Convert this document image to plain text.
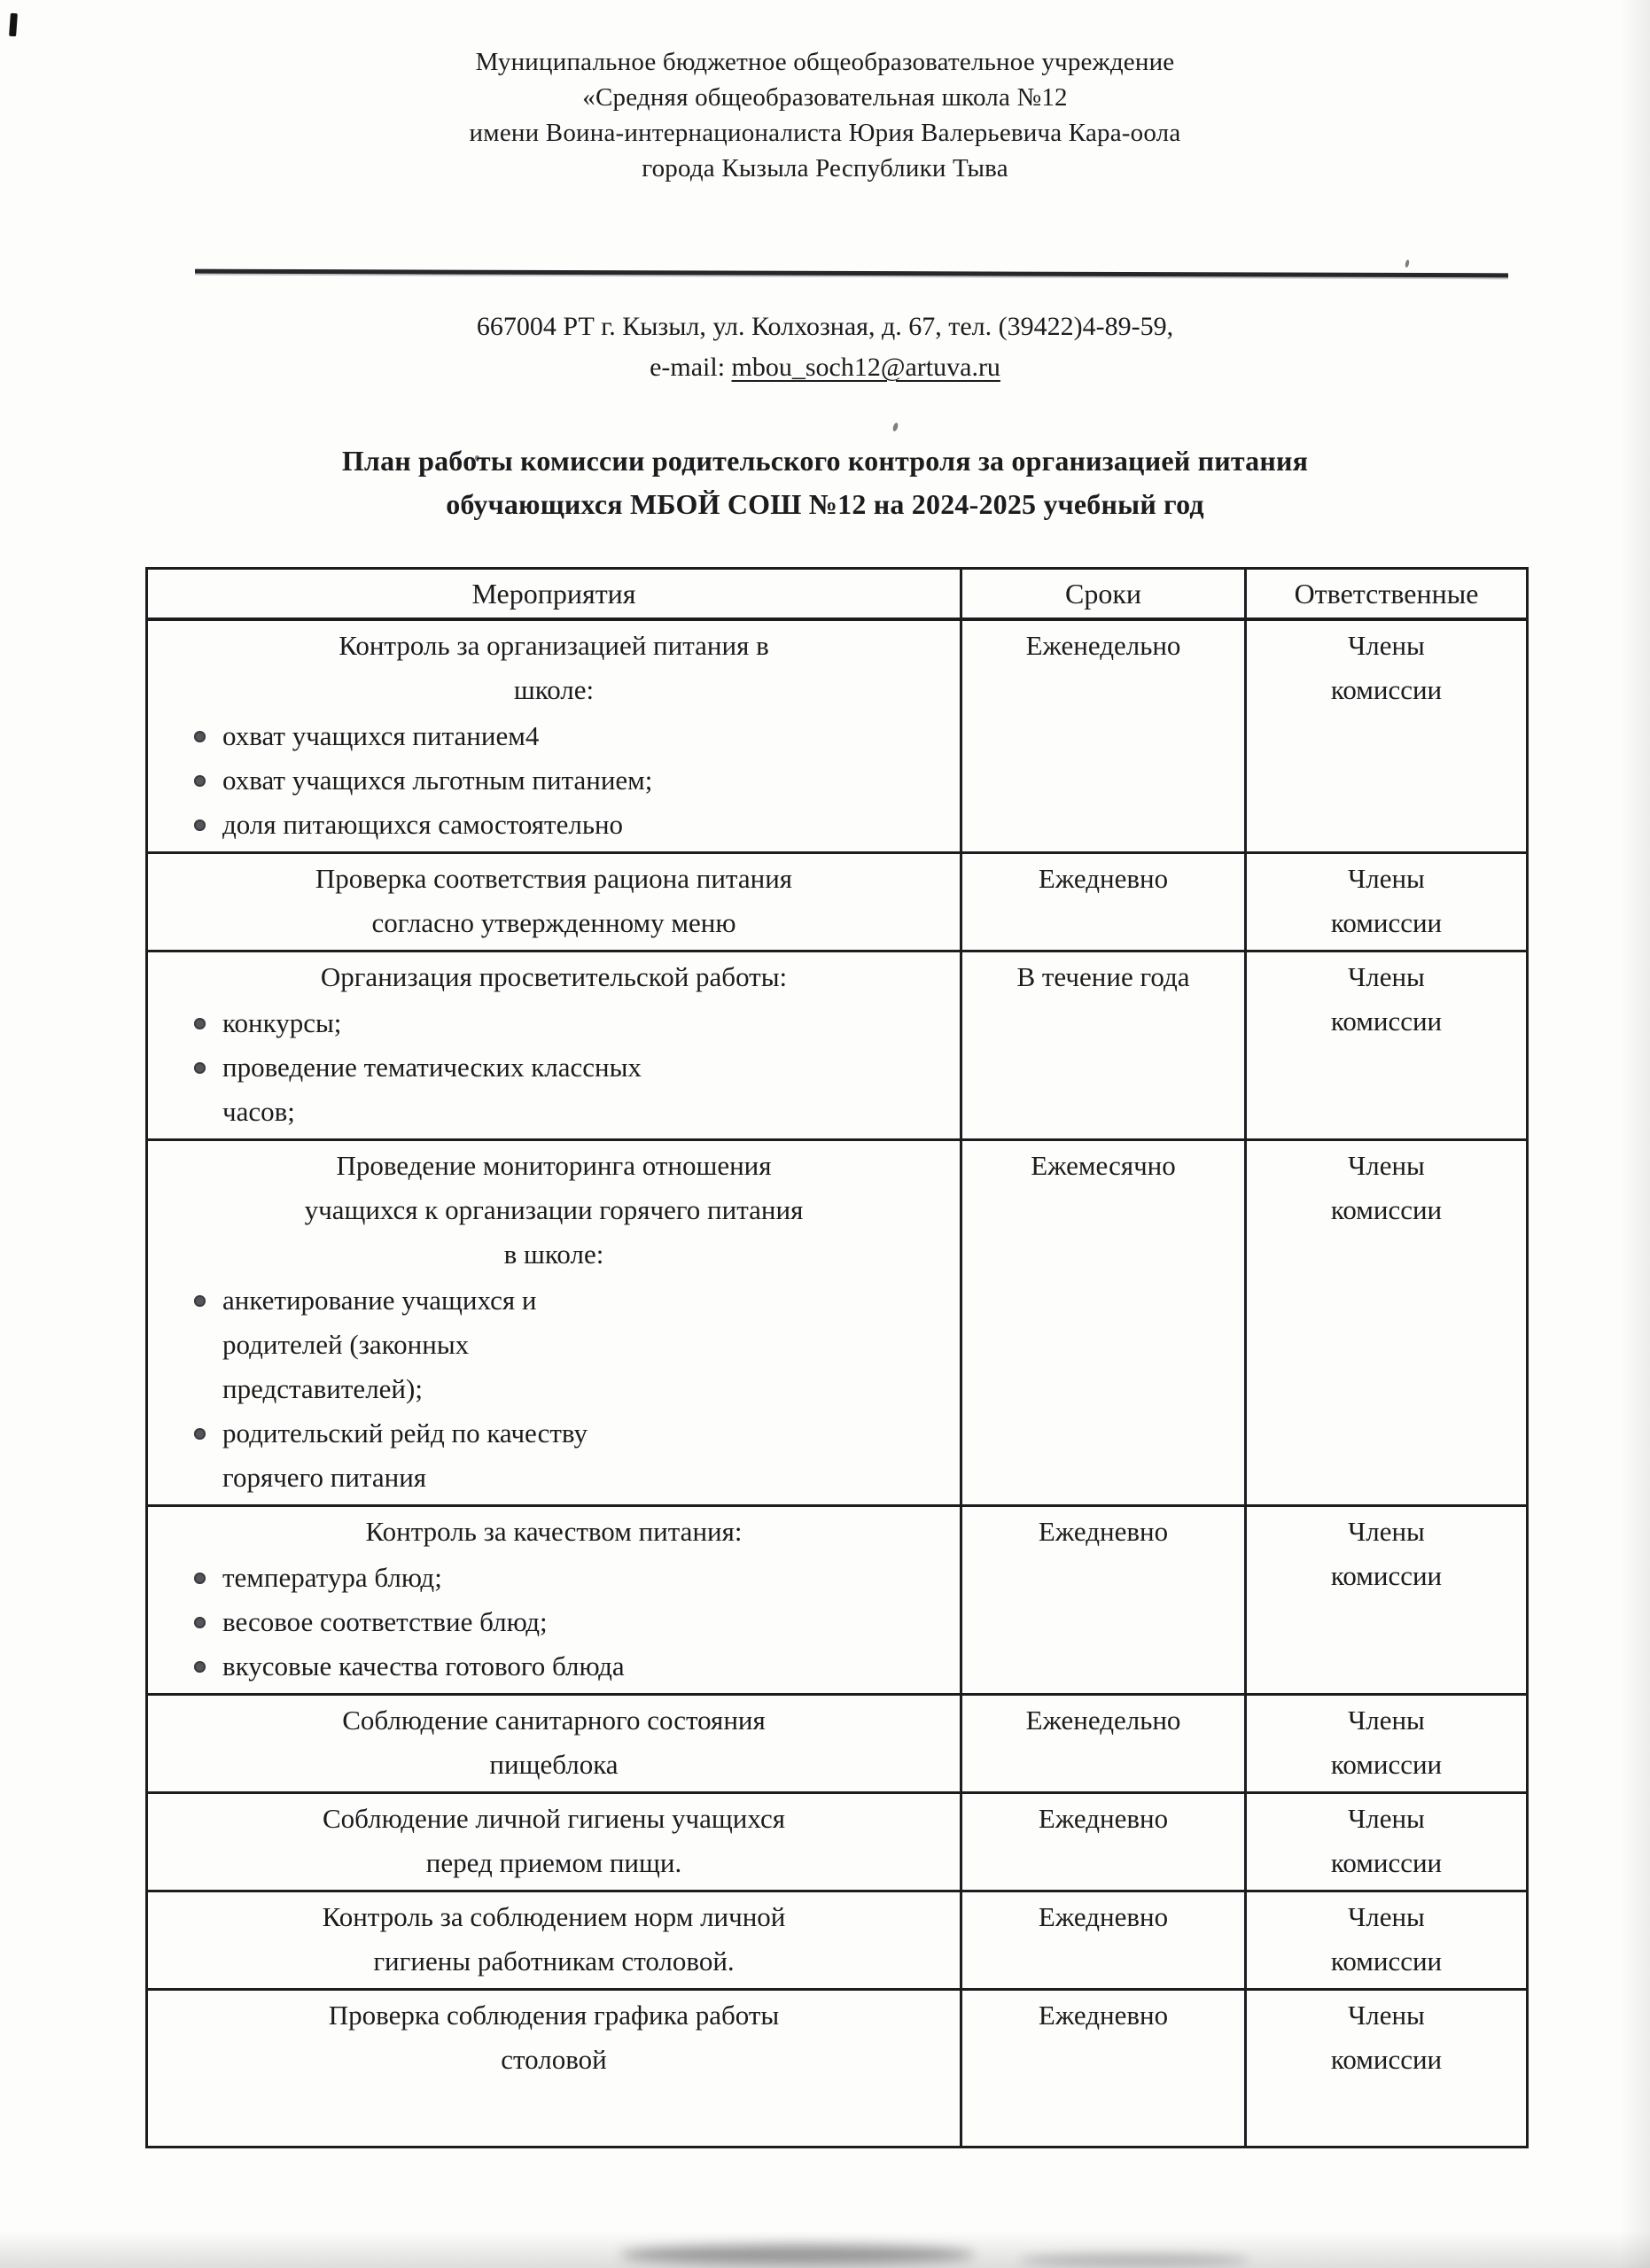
Муниципальное бюджетное общеобразовательное учреждение
«Средняя общеобразовательная школа №12
имени Воина-интернационалиста Юрия Валерьевича Кара-оола
города Кызыла Республики Тыва
667004 РТ г. Кызыл, ул. Колхозная, д. 67, тел. (39422)4-89-59,
e-mail: mbou_soch12@artuva.ru
План работы комиссии родительского контроля за организацией питания
обучающихся МБОЙ СОШ №12 на 2024-2025 учебный год
Мероприятия	Сроки	Ответственные

Контроль за организацией питания в
школе:
охват учащихся питанием4
охват учащихся льготным питанием;
доля питающихся самостоятельно
	Еженедельно	Члены комиссии

Проверка соответствия рациона питания
согласно утвержденному меню	Ежедневно	Члены комиссии

Организация просветительской работы:
конкурсы;
проведение тематических классных
часов;
	В течение года	Члены комиссии

Проведение мониторинга отношения
учащихся к организации горячего питания
в школе:
анкетирование учащихся и
родителей (законных
представителей);
родительский рейд по качеству
горячего питания
	Ежемесячно	Члены комиссии

Контроль за качеством питания:
температура блюд;
весовое соответствие блюд;
вкусовые качества готового блюда
	Ежедневно	Члены комиссии

Соблюдение санитарного состояния
пищеблока	Еженедельно	Члены комиссии

Соблюдение личной гигиены учащихся
перед приемом пищи.	Ежедневно	Члены комиссии

Контроль за соблюдением норм личной
гигиены работникам столовой.	Ежедневно	Члены комиссии

Проверка соблюдения графика работы
столовой	Ежедневно	Члены комиссии
